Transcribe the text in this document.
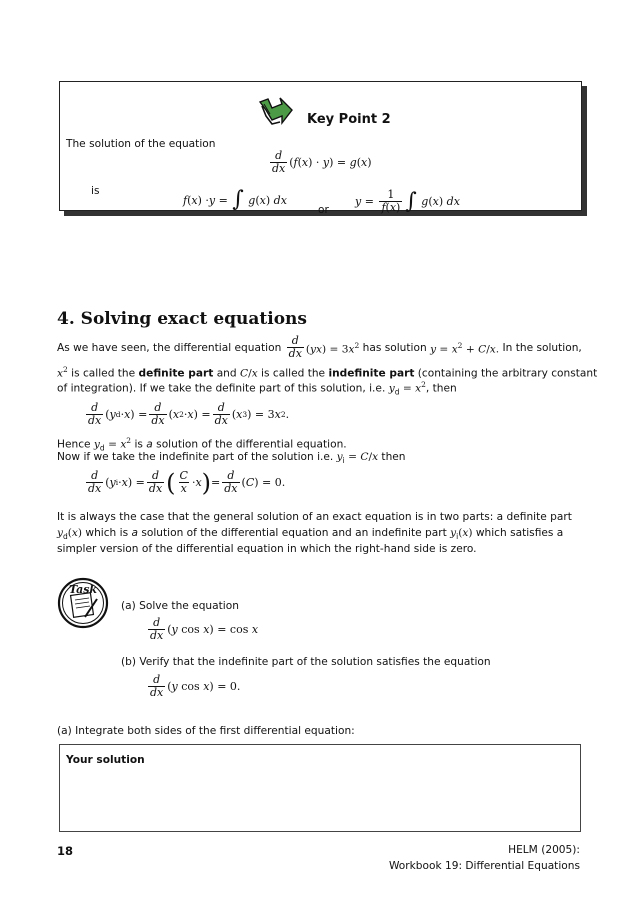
Key Point 2
The solution of the equation
$\frac{d}{dx} (f(x) \cdot y) = g(x)$
is
f ( x ) · y = ∫
g ( x ) dx
or
$y = \frac{1}{f(x)}$ ∫
g ( x ) dx
4. Solving exact equations
As we have seen, the differential equation
$\frac{d}{dx} (yx) = 3x^2$
has solution
$y = x^2 + C/x$.
In the solution,
$x^2$ is called the definite part and C/x is called the indefinite part (containing the arbitrary constant
of integration). If we take the definite part of this solution, i.e. $y_d = x^2$, then
$\frac{d}{dx}$ ( y d · x ) = $\frac{d}{dx}$ ( x 2 · x ) = $\frac{d}{dx}$ ( x 3 ) = 3 x 2 .
Hence $y_d = x^2$ is a solution of the differential equation.
Now if we take the indefinite part of the solution i.e. $y_i = C/x$ then
$\frac{d}{dx}$ ( y i · x ) = $\frac{d}{dx}$ ( $\frac{C}{x} \cdot x$ ) = $\frac{d}{dx}$ ( C ) = 0.
It is always the case that the general solution of an exact equation is in two parts: a definite part
$y_d(x)$ which is a solution of the differential equation and an indefinite part $y_i(x)$ which satisfies a
simpler version of the differential equation in which the right-hand side is zero.
Task
(a) Solve the equation
$\frac{d}{dx}$ ( y cos x ) = cos x
(b) Verify that the indefinite part of the solution satisfies the equation
$\frac{d}{dx}$ ( y cos x ) = 0.
(a) Integrate both sides of the first differential equation:
Your solution
18	HELM (2005):
Workbook 19: Differential Equations
